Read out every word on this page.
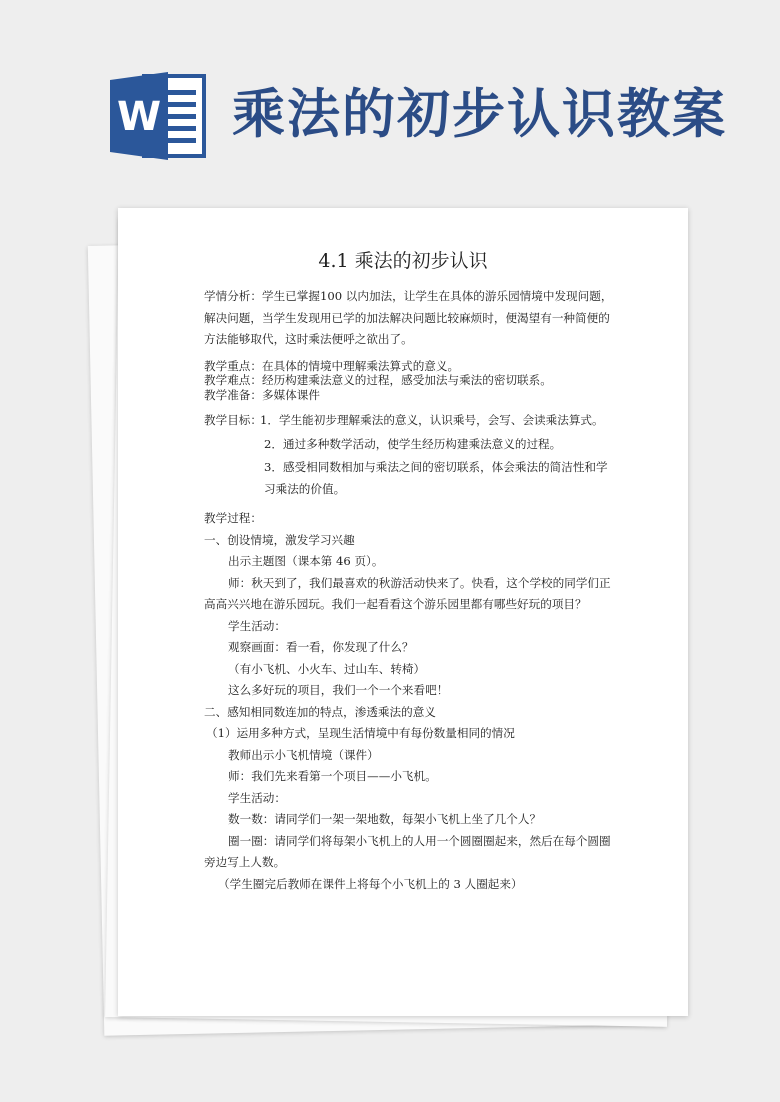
W 乘法的初步认识教案
4.1 乘法的初步认识

学情分析：学生已掌握100 以内加法，让学生在具体的游乐园情境中发现问题，

解决问题，当学生发现用已学的加法解决问题比较麻烦时，便渴望有一种简便的

方法能够取代，这时乘法便呼之欲出了。

教学重点：在具体的情境中理解乘法算式的意义。

教学难点：经历构建乘法意义的过程，感受加法与乘法的密切联系。

教学准备：多媒体课件

教学目标：

1．学生能初步理解乘法的意义，认识乘号，会写、会读乘法算式。

2．通过多种数学活动，使学生经历构建乘法意义的过程。

3．感受相同数相加与乘法之间的密切联系，体会乘法的简洁性和学

习乘法的价值。

教学过程：

一、创设情境，激发学习兴趣

出示主题图（课本第 46 页）。

师：秋天到了，我们最喜欢的秋游活动快来了。快看，这个学校的同学们正

高高兴兴地在游乐园玩。我们一起看看这个游乐园里都有哪些好玩的项目？

学生活动：

观察画面：看一看，你发现了什么？

（有小飞机、小火车、过山车、转椅）

这么多好玩的项目，我们一个一个来看吧！

二、感知相同数连加的特点，渗透乘法的意义

（1）运用多种方式，呈现生活情境中有每份数量相同的情况

教师出示小飞机情境（课件）

师：我们先来看第一个项目——小飞机。

学生活动：

数一数：请同学们一架一架地数，每架小飞机上坐了几个人？

圈一圈：请同学们将每架小飞机上的人用一个圆圈圈起来，然后在每个圆圈

旁边写上人数。

（学生圈完后教师在课件上将每个小飞机上的 3 人圈起来）
